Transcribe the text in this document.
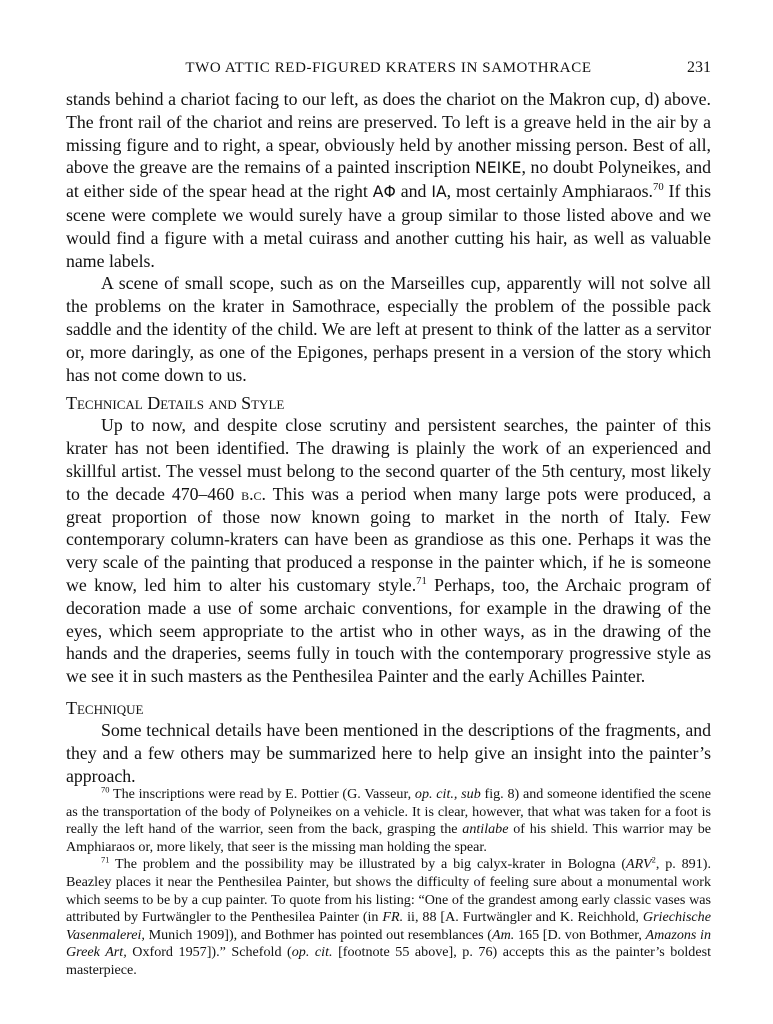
TWO ATTIC RED-FIGURED KRATERS IN SAMOTHRACE	231

stands behind a chariot facing to our left, as does the chariot on the Makron cup, d) above. The front rail of the chariot and reins are preserved. To left is a greave held in the air by a missing figure and to right, a spear, obviously held by another missing person. Best of all, above the greave are the remains of a painted inscription NEIKE, no doubt Polyneikes, and at either side of the spear head at the right AΦ and IA, most certainly Amphiaraos.$^{70}$ If this scene were complete we would surely have a group similar to those listed above and we would find a figure with a metal cuirass and another cutting his hair, as well as valuable name labels.

A scene of small scope, such as on the Marseilles cup, apparently will not solve all the problems on the krater in Samothrace, especially the problem of the possible pack saddle and the identity of the child. We are left at present to think of the latter as a servitor or, more daringly, as one of the Epigones, perhaps present in a version of the story which has not come down to us.

Technical Details and Style

Up to now, and despite close scrutiny and persistent searches, the painter of this krater has not been identified. The drawing is plainly the work of an experienced and skillful artist. The vessel must belong to the second quarter of the 5th century, most likely to the decade 470–460 b.c. This was a period when many large pots were produced, a great proportion of those now known going to market in the north of Italy. Few contemporary column-kraters can have been as grandiose as this one. Perhaps it was the very scale of the painting that produced a response in the painter which, if he is someone we know, led him to alter his customary style.$^{71}$ Perhaps, too, the Archaic program of decoration made a use of some archaic conventions, for example in the drawing of the eyes, which seem appropriate to the artist who in other ways, as in the drawing of the hands and the draperies, seems fully in touch with the contemporary progressive style as we see it in such masters as the Penthesilea Painter and the early Achilles Painter.

Technique

Some technical details have been mentioned in the descriptions of the fragments, and they and a few others may be summarized here to help give an insight into the painter’s approach.

$^{70}$ The inscriptions were read by E. Pottier (G. Vasseur, op. cit., sub fig. 8) and someone identified the scene as the transportation of the body of Polyneikes on a vehicle. It is clear, however, that what was taken for a foot is really the left hand of the warrior, seen from the back, grasping the antilabe of his shield. This warrior may be Amphiaraos or, more likely, that seer is the missing man holding the spear.

$^{71}$ The problem and the possibility may be illustrated by a big calyx-krater in Bologna (ARV$^2$, p. 891). Beazley places it near the Penthesilea Painter, but shows the difficulty of feeling sure about a monumental work which seems to be by a cup painter. To quote from his listing: “One of the grandest among early classic vases was attributed by Furtwängler to the Penthesilea Painter (in FR. ii, 88 [A. Furtwängler and K. Reichhold, Griechische Vasenmalerei, Munich 1909]), and Bothmer has pointed out resemblances (Am. 165 [D. von Bothmer, Amazons in Greek Art, Oxford 1957]).” Schefold (op. cit. [footnote 55 above], p. 76) accepts this as the painter’s boldest masterpiece.
